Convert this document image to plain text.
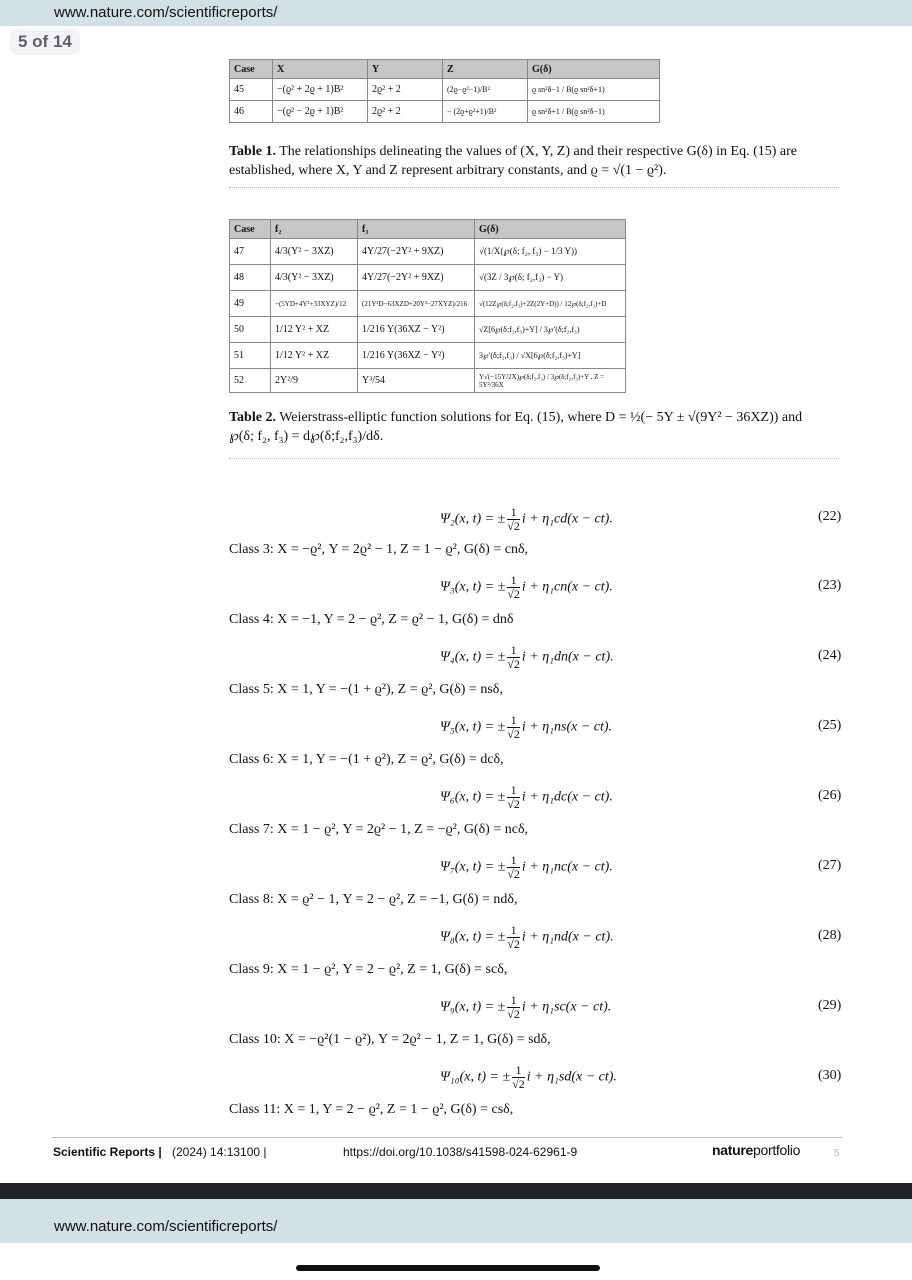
www.nature.com/scientificreports/
5 of 14
Case	X	Y	Z	G(δ)
45	−(ϱ² + 2ϱ + 1)B²	2ϱ² + 2	(2ϱ−ϱ²−1)/B²	ϱ sn²δ−1 / B(ϱ sn²δ+1)
46	−(ϱ² − 2ϱ + 1)B²	2ϱ² + 2	− (2ϱ+ϱ²+1)/B²	ϱ sn²δ+1 / B(ϱ sn²δ−1)
Table 1. The relationships delineating the values of (X, Y, Z) and their respective G(δ) in Eq. (15) are established, where X, Y and Z represent arbitrary constants, and ϱ = √(1 − ϱ²).
Case	f₂	f₃	G(δ)
47	4/3(Y² − 3XZ)	4Y/27(−2Y² + 9XZ)	√(1/X(℘(δ; f₂, f₃) − 1/3 Y))
48	4/3(Y² − 3XZ)	4Y/27(−2Y² + 9XZ)	√(3Z / 3℘(δ; f₂,f₃) − Y)
49	−(5YD+4Y²+33XYZ)/12	(21Y²D−63XZD+20Y³−27XYZ)/216	√(12Z℘(δ;f₂,f₃)+2Z(2Y+D)) / 12℘(δ;f₂,f₃)+D
50	1/12 Y² + XZ	1/216 Y(36XZ − Y²)	√Z[6℘(δ;f₂,f₃)+Y] / 3℘′(δ;f₂,f₃)
51	1/12 Y² + XZ	1/216 Y(36XZ − Y²)	3℘′(δ;f₂,f₃) / √X[6℘(δ;f₂,f₃)+Y]
52	2Y²/9	Y³/54	Y√(−15Y/2X)℘(δ;f₂,f₃) / 3℘(δ;f₂,f₃)+Y , Z = 5Y²/36X
Table 2. Weierstrass-elliptic function solutions for Eq. (15), where D = ½(− 5Y ± √(9Y² − 36XZ)) and
℘(δ; f₂, f₃) = d℘(δ;f₂,f₃)/dδ.
Ψ₂(x, t) = ± $\frac{1}{√2}$ i + η₁cd(x − ct).	(22)
Class 3: X = −ϱ², Y = 2ϱ² − 1, Z = 1 − ϱ², G(δ) = cnδ,
Ψ₃(x, t) = ± $\frac{1}{√2}$ i + η₁cn(x − ct).	(23)
Class 4: X = −1, Y = 2 − ϱ², Z = ϱ² − 1, G(δ) = dnδ
Ψ₄(x, t) = ± $\frac{1}{√2}$ i + η₁dn(x − ct).	(24)
Class 5: X = 1, Y = −(1 + ϱ²), Z = ϱ², G(δ) = nsδ,
Ψ₅(x, t) = ± $\frac{1}{√2}$ i + η₁ns(x − ct).	(25)
Class 6: X = 1, Y = −(1 + ϱ²), Z = ϱ², G(δ) = dcδ,
Ψ₆(x, t) = ± $\frac{1}{√2}$ i + η₁dc(x − ct).	(26)
Class 7: X = 1 − ϱ², Y = 2ϱ² − 1, Z = −ϱ², G(δ) = ncδ,
Ψ₇(x, t) = ± $\frac{1}{√2}$ i + η₁nc(x − ct).	(27)
Class 8: X = ϱ² − 1, Y = 2 − ϱ², Z = −1, G(δ) = ndδ,
Ψ₈(x, t) = ± $\frac{1}{√2}$ i + η₁nd(x − ct).	(28)
Class 9: X = 1 − ϱ², Y = 2 − ϱ², Z = 1, G(δ) = scδ,
Ψ₉(x, t) = ± $\frac{1}{√2}$ i + η₁sc(x − ct).	(29)
Class 10: X = −ϱ²(1 − ϱ²), Y = 2ϱ² − 1, Z = 1, G(δ) = sdδ,
Ψ₁₀(x, t) = ± $\frac{1}{√2}$ i + η₁sd(x − ct).	(30)
Class 11: X = 1, Y = 2 − ϱ², Z = 1 − ϱ², G(δ) = csδ,
Scientific Reports | (2024) 14:13100 |	https://doi.org/10.1038/s41598-024-62961-9	natureportfolio	5
www.nature.com/scientificreports/
